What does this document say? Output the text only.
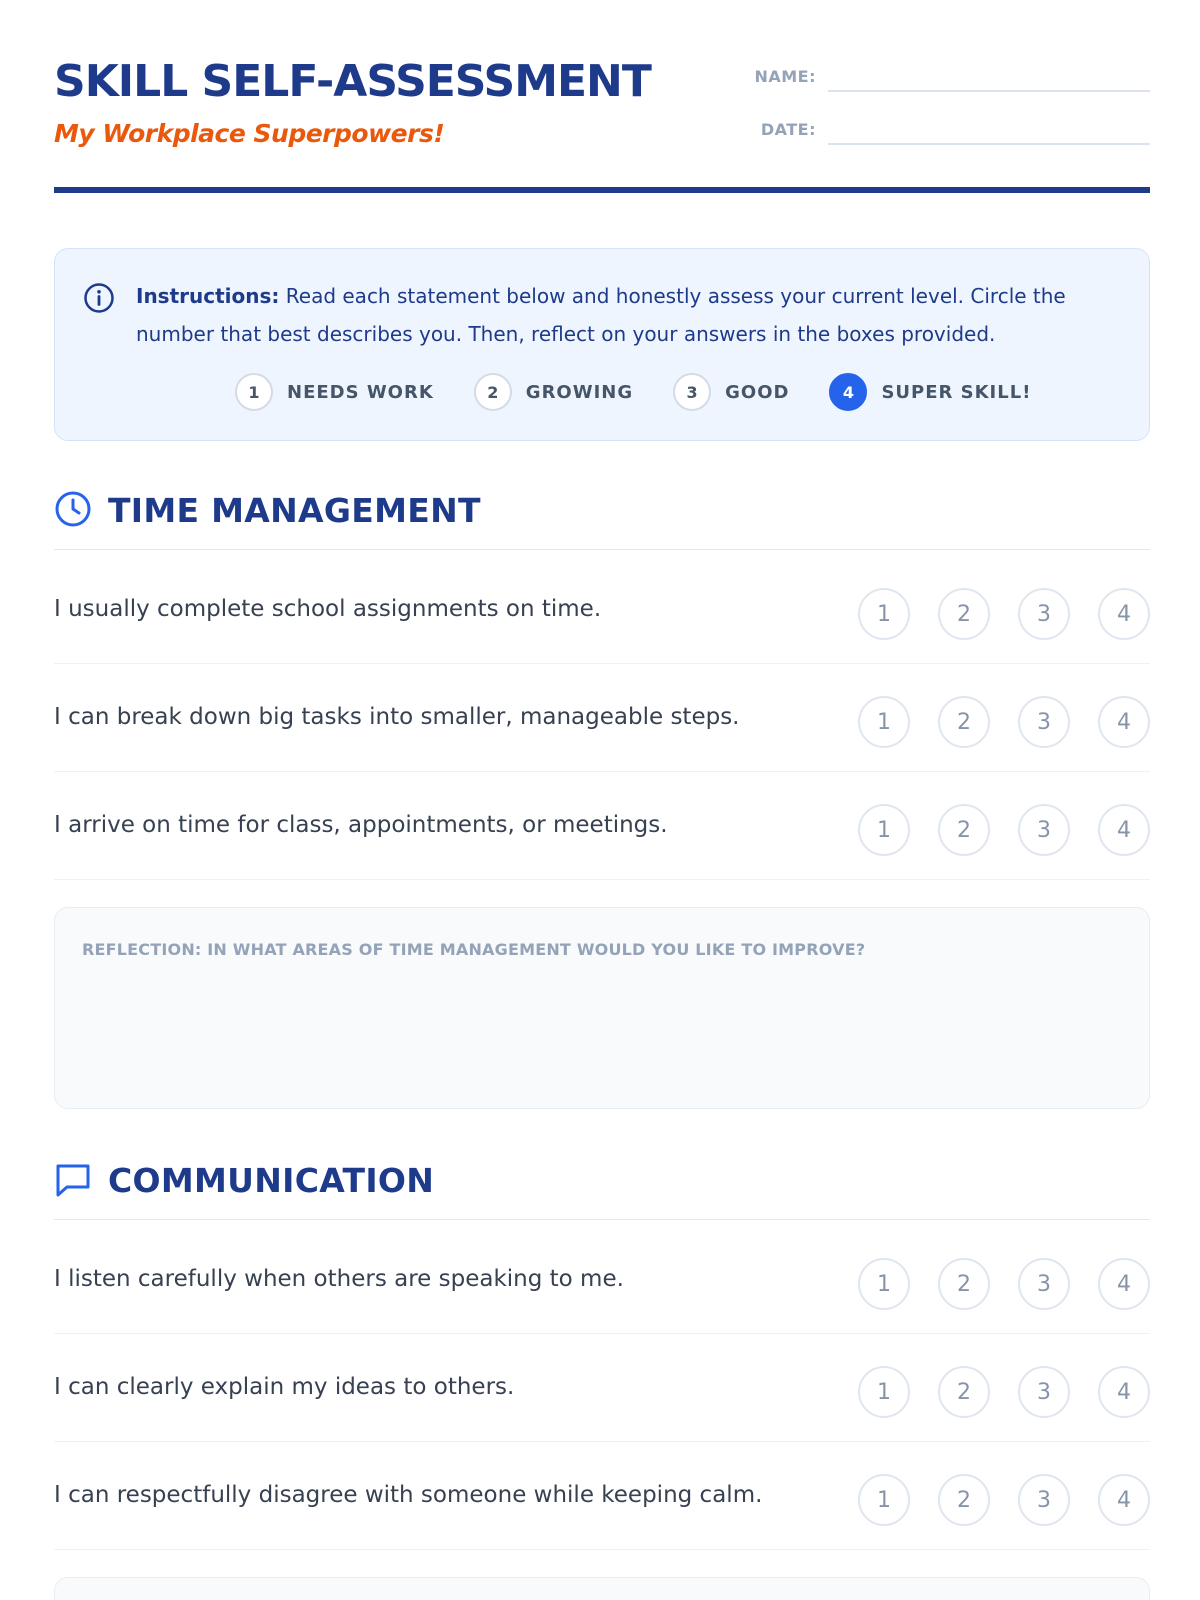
SKILL SELF-ASSESSMENT
My Workplace Superpowers!
NAME:
DATE:
Instructions: Read each statement below and honestly assess your current level. Circle the number that best describes you. Then, reflect on your answers in the boxes provided.
1	NEEDS WORK	2	GROWING	3	GOOD	4	SUPER SKILL!
TIME MANAGEMENT
I usually complete school assignments on time.	1	2	3	4
I can break down big tasks into smaller, manageable steps.	1	2	3	4
I arrive on time for class, appointments, or meetings.	1	2	3	4
REFLECTION: IN WHAT AREAS OF TIME MANAGEMENT WOULD YOU LIKE TO IMPROVE?
COMMUNICATION
I listen carefully when others are speaking to me.	1	2	3	4
I can clearly explain my ideas to others.	1	2	3	4
I can respectfully disagree with someone while keeping calm.	1	2	3	4
